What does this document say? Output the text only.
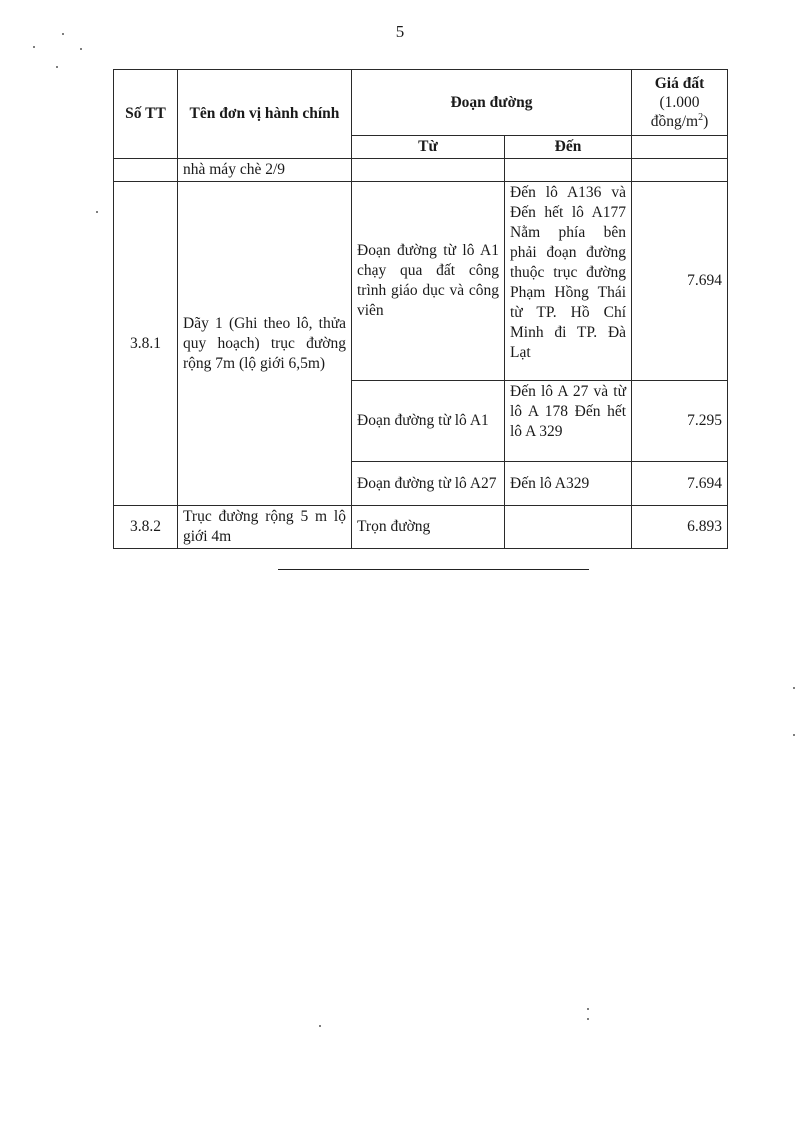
5
Số TT	Tên đơn vị hành chính	Đoạn đường		Giá đất
(1.000 đồng/$m^2$)
		Từ	Đến	
	nhà máy chè 2/9			
3.8.1	Dãy 1 (Ghi theo lô, thửa quy hoạch) trục đường rộng 7m (lộ giới 6,5m)	Đoạn đường từ lô A1 chạy qua đất công trình giáo dục và công viên	Đến lô A136 và Đến hết lô A177 Nằm phía bên phải đoạn đường thuộc trục đường Phạm Hồng Thái từ TP. Hồ Chí Minh đi TP. Đà Lạt	7.694
		Đoạn đường từ lô A1	Đến lô A 27 và từ lô A 178 Đến hết lô A 329	7.295
		Đoạn đường từ lô A27	Đến lô A329	7.694
3.8.2	Trục đường rộng 5 m lộ giới 4m	Trọn đường		6.893
